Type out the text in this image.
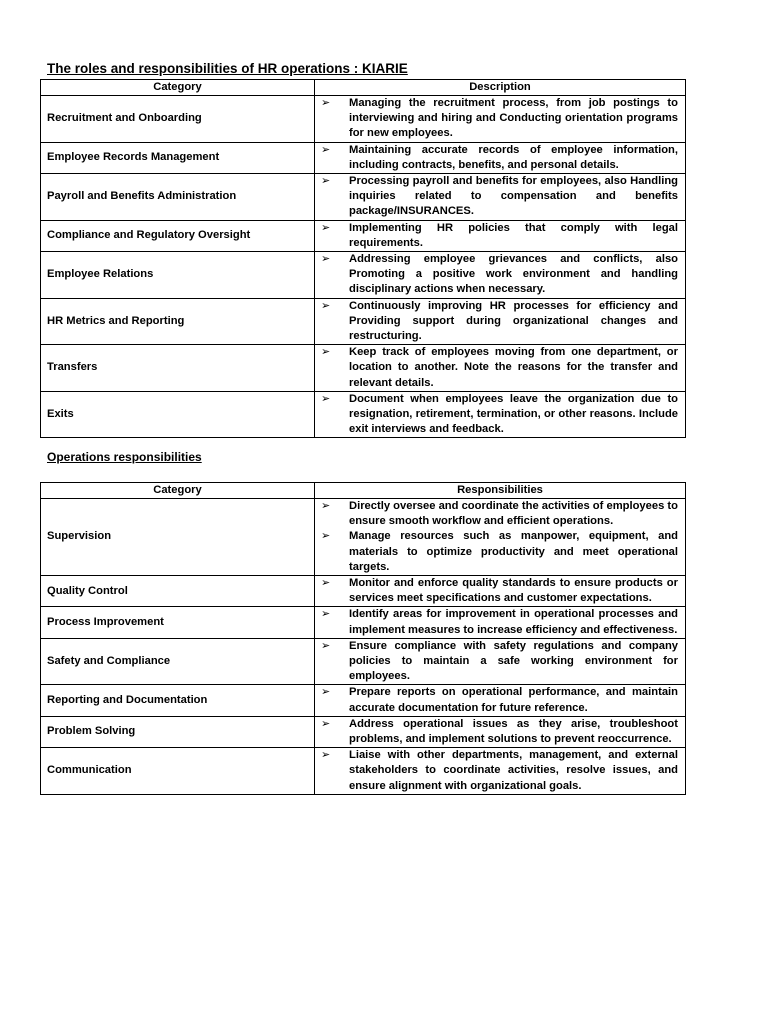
The roles and responsibilities of HR operations : KIARIE
Category	Description
Recruitment and Onboarding	➢ Managing the recruitment process, from job postings to interviewing and hiring and Conducting orientation programs for new employees.

Employee Records Management	➢ Maintaining accurate records of employee information, including contracts, benefits, and personal details.

Payroll and Benefits Administration	➢ Processing payroll and benefits for employees, also Handling inquiries related to compensation and benefits package/INSURANCES.

Compliance and Regulatory Oversight	➢ Implementing HR policies that comply with legal requirements.

Employee Relations	➢ Addressing employee grievances and conflicts, also Promoting a positive work environment and handling disciplinary actions when necessary.

HR Metrics and Reporting	➢ Continuously improving HR processes for efficiency and Providing support during organizational changes and restructuring.

Transfers	➢ Keep track of employees moving from one department, or location to another. Note the reasons for the transfer and relevant details.

Exits	➢ Document when employees leave the organization due to resignation, retirement, termination, or other reasons. Include exit interviews and feedback.
Operations responsibilities
Category	Responsibilities
Supervision	➢ Directly oversee and coordinate the activities of employees to ensure smooth workflow and efficient operations.
➢ Manage resources such as manpower, equipment, and materials to optimize productivity and meet operational targets.

Quality Control	➢ Monitor and enforce quality standards to ensure products or services meet specifications and customer expectations.

Process Improvement	➢ Identify areas for improvement in operational processes and implement measures to increase efficiency and effectiveness.

Safety and Compliance	➢ Ensure compliance with safety regulations and company policies to maintain a safe working environment for employees.

Reporting and Documentation	➢ Prepare reports on operational performance, and maintain accurate documentation for future reference.

Problem Solving	➢ Address operational issues as they arise, troubleshoot problems, and implement solutions to prevent reoccurrence.

Communication	➢ Liaise with other departments, management, and external stakeholders to coordinate activities, resolve issues, and ensure alignment with organizational goals.
